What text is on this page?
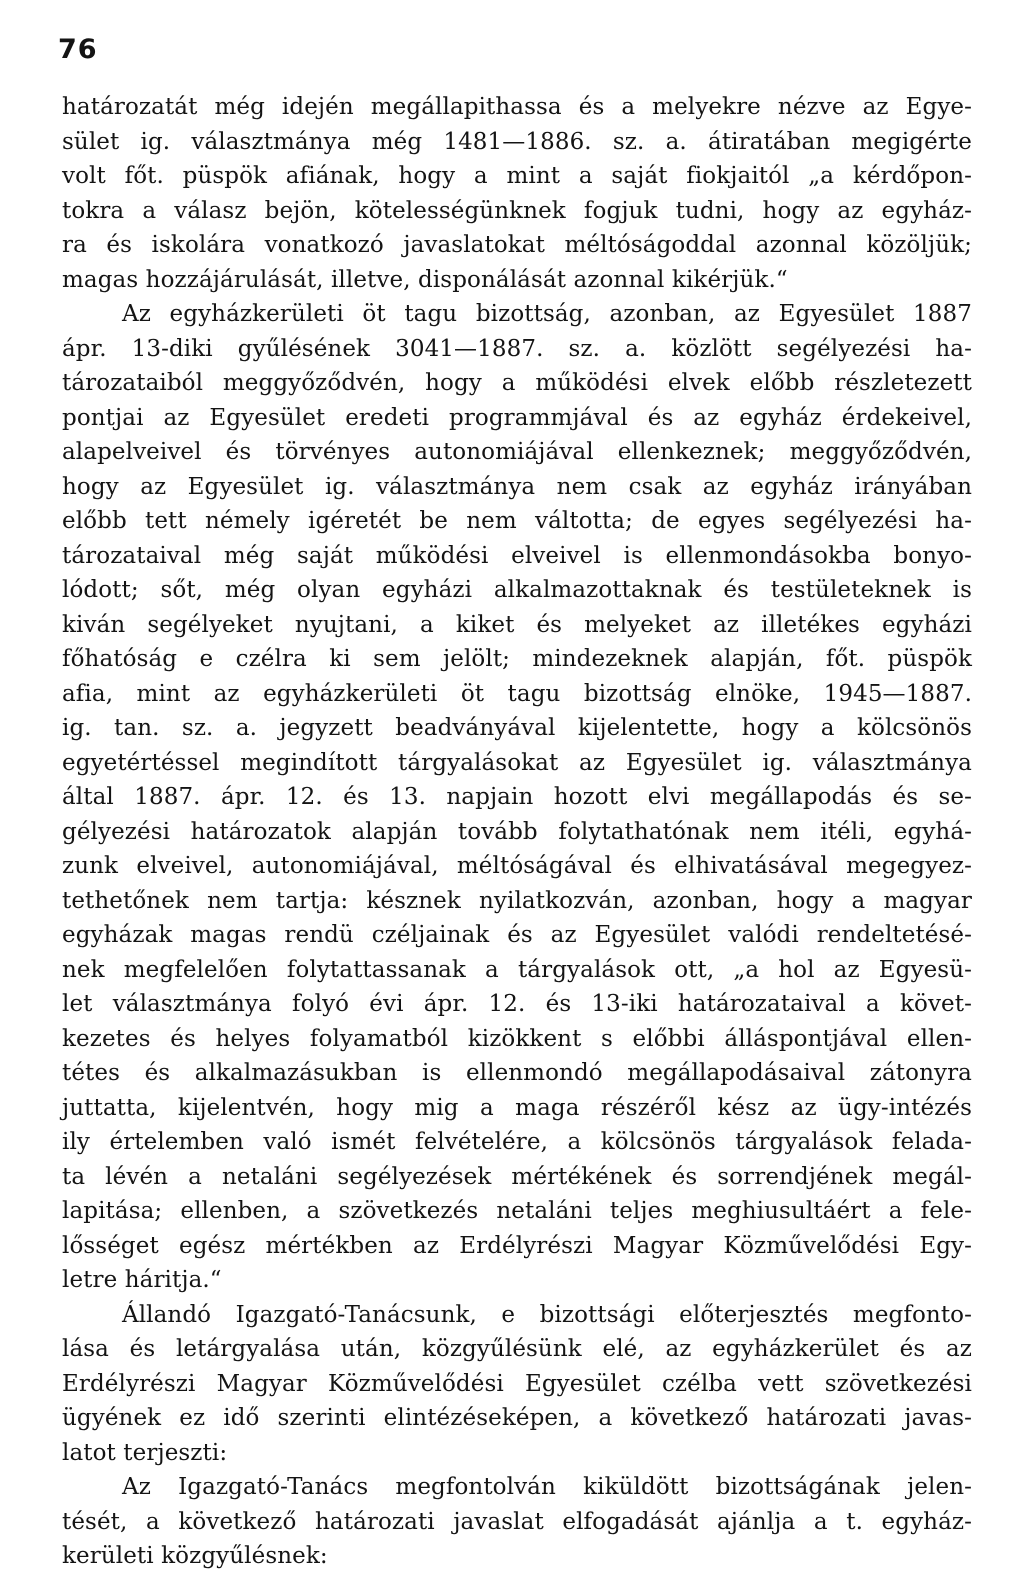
76
határozatát még idején megállapithassa és a melyekre nézve az Egye-
sület ig. választmánya még 1481—1886. sz. a. átiratában megigérte
volt főt. püspök afiának, hogy a mint a saját fiokjaitól „a kérdőpon-
tokra a válasz bejön, kötelességünknek fogjuk tudni, hogy az egyház-
ra és iskolára vonatkozó javaslatokat méltóságoddal azonnal közöljük;
magas hozzájárulását, illetve, disponálását azonnal kikérjük.“
Az egyházkerületi öt tagu bizottság, azonban, az Egyesület 1887
ápr. 13-diki gyűlésének 3041—1887. sz. a. közlött segélyezési ha-
tározataiból meggyőződvén, hogy a működési elvek előbb részletezett
pontjai az Egyesület eredeti programmjával és az egyház érdekeivel,
alapelveivel és törvényes autonomiájával ellenkeznek; meggyőződvén,
hogy az Egyesület ig. választmánya nem csak az egyház irányában
előbb tett némely igéretét be nem váltotta; de egyes segélyezési ha-
tározataival még saját működési elveivel is ellenmondásokba bonyo-
lódott; sőt, még olyan egyházi alkalmazottaknak és testületeknek is
kiván segélyeket nyujtani, a kiket és melyeket az illetékes egyházi
főhatóság e czélra ki sem jelölt; mindezeknek alapján, főt. püspök
afia, mint az egyházkerületi öt tagu bizottság elnöke, 1945—1887.
ig. tan. sz. a. jegyzett beadványával kijelentette, hogy a kölcsönös
egyetértéssel megindított tárgyalásokat az Egyesület ig. választmánya
által 1887. ápr. 12. és 13. napjain hozott elvi megállapodás és se-
gélyezési határozatok alapján tovább folytathatónak nem itéli, egyhá-
zunk elveivel, autonomiájával, méltóságával és elhivatásával megegyez-
tethetőnek nem tartja: késznek nyilatkozván, azonban, hogy a magyar
egyházak magas rendü czéljainak és az Egyesület valódi rendeltetésé-
nek megfelelően folytattassanak a tárgyalások ott, „a hol az Egyesü-
let választmánya folyó évi ápr. 12. és 13-iki határozataival a követ-
kezetes és helyes folyamatból kizökkent s előbbi álláspontjával ellen-
tétes és alkalmazásukban is ellenmondó megállapodásaival zátonyra
juttatta, kijelentvén, hogy mig a maga részéről kész az ügy-intézés
ily értelemben való ismét felvételére, a kölcsönös tárgyalások felada-
ta lévén a netaláni segélyezések mértékének és sorrendjének megál-
lapitása; ellenben, a szövetkezés netaláni teljes meghiusultáért a fele-
lősséget egész mértékben az Erdélyrészi Magyar Közművelődési Egy-
letre háritja.“
Állandó Igazgató-Tanácsunk, e bizottsági előterjesztés megfonto-
lása és letárgyalása után, közgyűlésünk elé, az egyházkerület és az
Erdélyrészi Magyar Közművelődési Egyesület czélba vett szövetkezési
ügyének ez idő szerinti elintézéseképen, a következő határozati javas-
latot terjeszti:
Az Igazgató-Tanács megfontolván kiküldött bizottságának jelen-
tését, a következő határozati javaslat elfogadását ajánlja a t. egyház-
kerületi közgyűlésnek:
